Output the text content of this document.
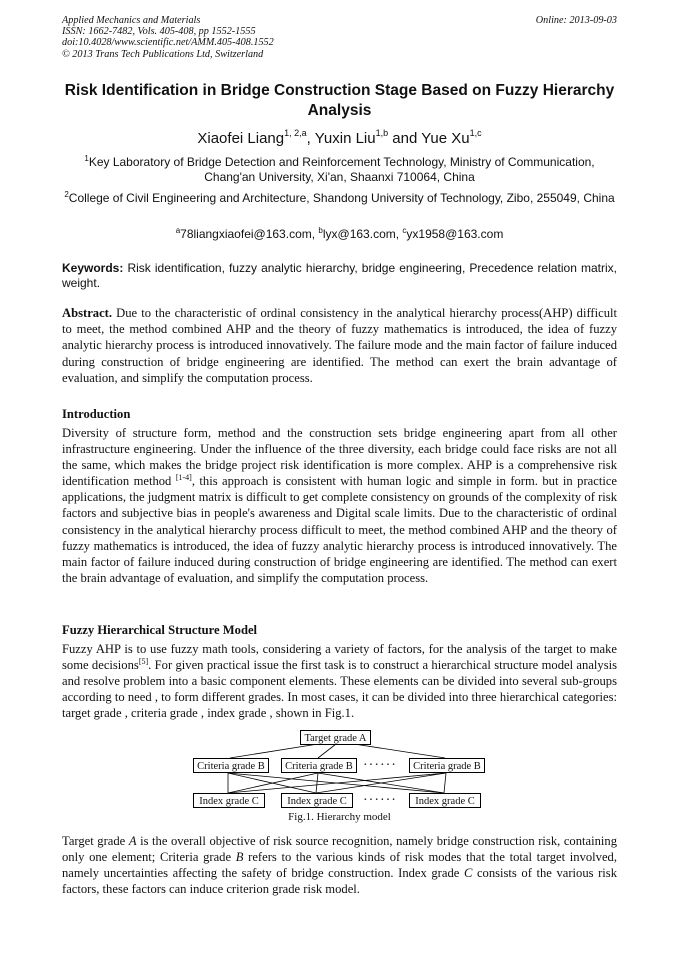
Applied Mechanics and Materials
ISSN: 1662-7482, Vols. 405-408, pp 1552-1555
doi:10.4028/www.scientific.net/AMM.405-408.1552
© 2013 Trans Tech Publications Ltd, Switzerland
Online: 2013-09-03
Risk Identification in Bridge Construction Stage Based on Fuzzy Hierarchy Analysis
Xiaofei Liang$^{1, 2,a}$, Yuxin Liu$^{1,b}$ and Yue Xu$^{1,c}$
$^1$Key Laboratory of Bridge Detection and Reinforcement Technology, Ministry of Communication, Chang'an University, Xi'an, Shaanxi 710064, China
$^2$College of Civil Engineering and Architecture, Shandong University of Technology, Zibo, 255049, China
$^a$78liangxiaofei@163.com, $^b$lyx@163.com, $^c$yx1958@163.com
Keywords: Risk identification, fuzzy analytic hierarchy, bridge engineering, Precedence relation matrix, weight.
Abstract. Due to the characteristic of ordinal consistency in the analytical hierarchy process(AHP) difficult to meet, the method combined AHP and the theory of fuzzy mathematics is introduced, the idea of fuzzy analytic hierarchy process is introduced innovatively. The failure mode and the main factor of failure induced during construction of bridge engineering are identified. The method can exert the brain advantage of evaluation, and simplify the computation process.
Introduction
Diversity of structure form, method and the construction sets bridge engineering apart from all other infrastructure engineering. Under the influence of the three diversity, each bridge could face risks are not all the same, which makes the bridge project risk identification is more complex. AHP is a comprehensive risk identification method [1-4], this approach is consistent with human logic and simple in form. but in practice applications, the judgment matrix is difficult to get complete consistency on grounds of the complexity of risk factors and subjective bias in people's awareness and Digital scale limits. Due to the characteristic of ordinal consistency in the analytical hierarchy process difficult to meet, the method combined AHP and the theory of fuzzy mathematics is introduced, the idea of fuzzy analytic hierarchy process is introduced innovatively. The main factor of failure induced during construction of bridge engineering are identified. The method can exert the brain advantage of evaluation, and simplify the computation process.
Fuzzy Hierarchical Structure Model
Fuzzy AHP is to use fuzzy math tools, considering a variety of factors, for the analysis of the target to make some decisions[5]. For given practical issue the first task is to construct a hierarchical structure model analysis and resolve problem into a basic component elements. These elements can be divided into several sub-groups according to need , to form different grades. In most cases, it can be divided into three hierarchical categories: target grade , criteria grade , index grade , shown in Fig.1.
Target grade A
Criteria grade B	Criteria grade B ······	Criteria grade B
Index grade C	Index grade C	······	Index grade C
Fig.1. Hierarchy model
Target grade A is the overall objective of risk source recognition, namely bridge construction risk, containing only one element; Criteria grade B refers to the various kinds of risk modes that the total target involved, namely uncertainties affecting the safety of bridge construction. Index grade C consists of the various risk factors, these factors can induce criterion grade risk model.
